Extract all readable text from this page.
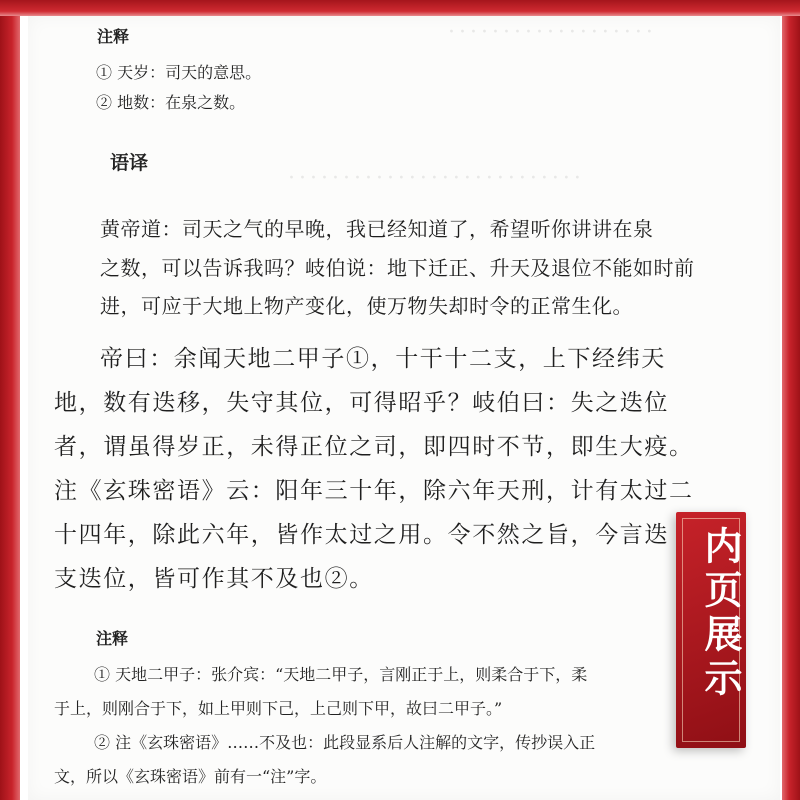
···················
···························
注释
① 天岁：司天的意思。
② 地数：在泉之数。
语译
黄帝道：司天之气的早晚，我已经知道了，希望听你讲讲在泉
之数，可以告诉我吗？岐伯说：地下迁正、升天及退位不能如时前
进，可应于大地上物产变化，使万物失却时令的正常生化。
帝曰：余闻天地二甲子①，十干十二支，上下经纬天
地，数有迭移，失守其位，可得昭乎？岐伯曰：失之迭位
者，谓虽得岁正，未得正位之司，即四时不节，即生大疫。
注《玄珠密语》云：阳年三十年，除六年天刑，计有太过二
十四年，除此六年，皆作太过之用。令不然之旨，今言迭
支迭位，皆可作其不及也②。
注释
① 天地二甲子：张介宾：“天地二甲子，言刚正于上，则柔合于下，柔
于上，则刚合于下，如上甲则下己，上己则下甲，故曰二甲子。”
② 注《玄珠密语》……不及也：此段显系后人注解的文字，传抄误入正
文，所以《玄珠密语》前有一“注”字。
内页展示
